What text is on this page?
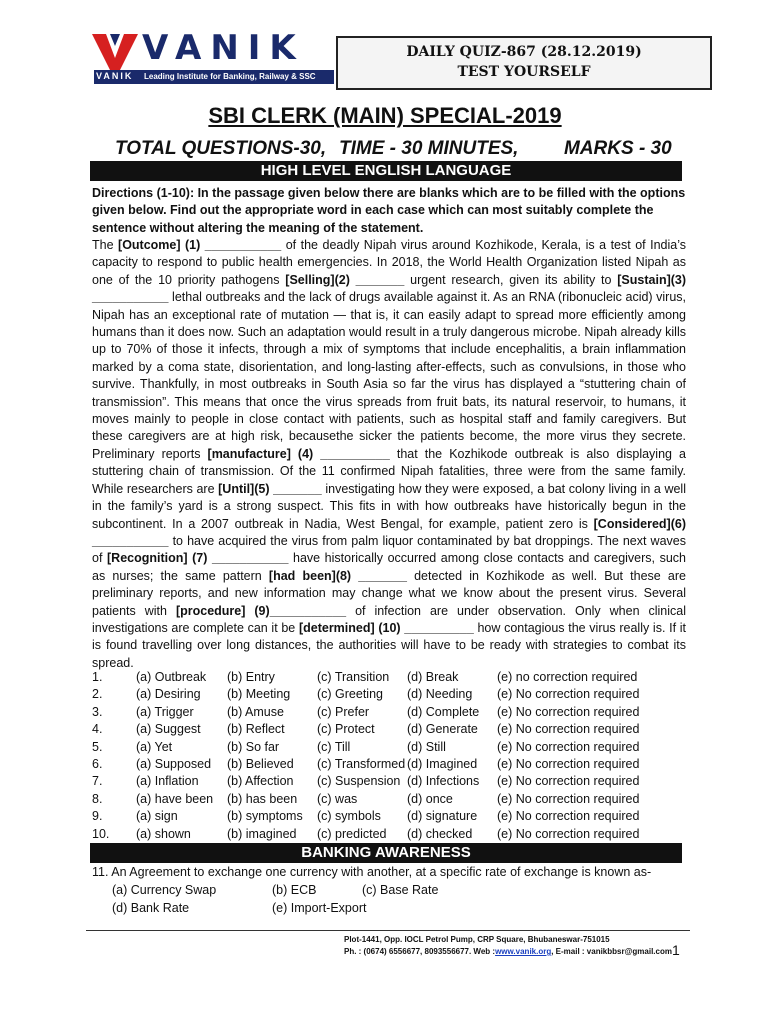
VANIK
VANIK Leading Institute for Banking, Railway & SSC
DAILY QUIZ-867 (28.12.2019)
TEST YOURSELF
SBI CLERK (MAIN) SPECIAL-2019
TOTAL QUESTIONS-30, TIME - 30 MINUTES, MARKS - 30
HIGH LEVEL ENGLISH LANGUAGE
Directions (1-10): In the passage given below there are blanks which are to be filled with the options given below. Find out the appropriate word in each case which can most suitably complete the sentence without altering the meaning of the statement.
The [Outcome] (1) ___________ of the deadly Nipah virus around Kozhikode, Kerala, is a test of India’s capacity to respond to public health emergencies. In 2018, the World Health Organization listed Nipah as one of the 10 priority pathogens [Selling](2) _______ urgent research, given its ability to [Sustain](3) ___________ lethal outbreaks and the lack of drugs available against it. As an RNA (ribonucleic acid) virus, Nipah has an exceptional rate of mutation — that is, it can easily adapt to spread more efficiently among humans than it does now. Such an adaptation would result in a truly dangerous microbe. Nipah already kills up to 70% of those it infects, through a mix of symptoms that include encephalitis, a brain inflammation marked by a coma state, disorientation, and long-lasting after-effects, such as convulsions, in those who survive. Thankfully, in most outbreaks in South Asia so far the virus has displayed a “stuttering chain of transmission”. This means that once the virus spreads from fruit bats, its natural reservoir, to humans, it moves mainly to people in close contact with patients, such as hospital staff and family caregivers. But these caregivers are at high risk, becausethe sicker the patients become, the more virus they secrete. Preliminary reports [manufacture] (4) __________ that the Kozhikode outbreak is also displaying a stuttering chain of transmission. Of the 11 confirmed Nipah fatalities, three were from the same family. While researchers are [Until](5) _______ investigating how they were exposed, a bat colony living in a well in the family’s yard is a strong suspect. This fits in with how outbreaks have historically begun in the subcontinent. In a 2007 outbreak in Nadia, West Bengal, for example, patient zero is [Considered](6) ___________ to have acquired the virus from palm liquor contaminated by bat droppings. The next waves of [Recognition] (7) ___________ have historically occurred among close contacts and caregivers, such as nurses; the same pattern [had been](8) _______ detected in Kozhikode as well. But these are preliminary reports, and new information may change what we know about the present virus. Several patients with [procedure] (9)___________ of infection are under observation. Only when clinical investigations are complete can it be [determined] (10) __________ how contagious the virus really is. If it is found travelling over long distances, the authorities will have to be ready with strategies to combat its spread.
1.	(a) Outbreak	(b) Entry	(c) Transition	(d) Break	(e) no correction required
2.	(a) Desiring	(b) Meeting	(c) Greeting	(d) Needing	(e) No correction required
3.	(a) Trigger	(b) Amuse	(c) Prefer	(d) Complete	(e) No correction required
4.	(a) Suggest	(b) Reflect	(c) Protect	(d) Generate	(e) No correction required
5.	(a) Yet	(b) So far	(c) Till	(d) Still	(e) No correction required
6.	(a) Supposed	(b) Believed	(c) Transformed	(d) Imagined	(e) No correction required
7.	(a) Inflation	(b) Affection	(c) Suspension	(d) Infections	(e) No correction required
8.	(a) have been	(b) has been	(c) was	(d) once	(e) No correction required
9.	(a) sign	(b) symptoms	(c) symbols	(d) signature	(e) No correction required
10.	(a) shown	(b) imagined	(c) predicted	(d) checked	(e) No correction required
BANKING AWARENESS
11. An Agreement to exchange one currency with another, at a specific rate of exchange is known as-
(a) Currency Swap	(b) ECB	(c) Base Rate
(d) Bank Rate	(e) Import-Export
Plot-1441, Opp. IOCL Petrol Pump, CRP Square, Bhubaneswar-751015
Ph. : (0674) 6556677, 8093556677. Web :www.vanik.org, E-mail : vanikbbsr@gmail.com 1
